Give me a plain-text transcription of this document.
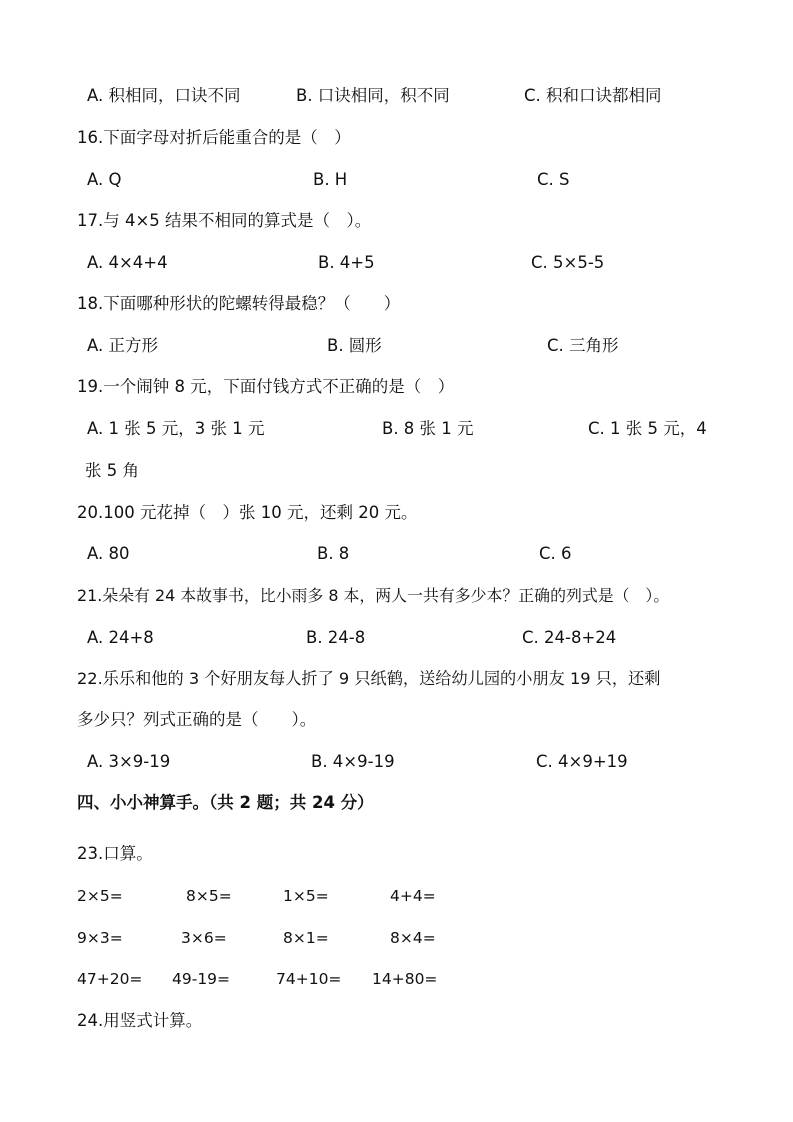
A. 积相同，口诀不同	B. 口诀相同，积不同	C. 积和口诀都相同
16.下面字母对折后能重合的是（　）
A. Q	B. H	C. S
17.与 4×5 结果不相同的算式是（　）。
A. 4×4+4	B. 4+5	C. 5×5-5
18.下面哪种形状的陀螺转得最稳？（　　）
A. 正方形	B. 圆形	C. 三角形
19.一个闹钟 8 元，下面付钱方式不正确的是（　）
A. 1 张 5 元，3 张 1 元	B. 8 张 1 元	C. 1 张 5 元，4
张 5 角
20.100 元花掉（　）张 10 元，还剩 20 元。
A. 80	B. 8	C. 6
21.朵朵有 24 本故事书，比小雨多 8 本，两人一共有多少本？正确的列式是（　）。
A. 24+8	B. 24-8	C. 24-8+24
22.乐乐和他的 3 个好朋友每人折了 9 只纸鹤，送给幼儿园的小朋友 19 只，还剩
多少只？列式正确的是（　　）。
A. 3×9-19	B. 4×9-19	C. 4×9+19
四、小小神算手。（共 2 题；共 24 分）
23.口算。
2×5=	8×5=	1×5=	4+4=
9×3=	3×6=	8×1=	8×4=
47+20= 49-19=	74+10= 14+80=
24.用竖式计算。
